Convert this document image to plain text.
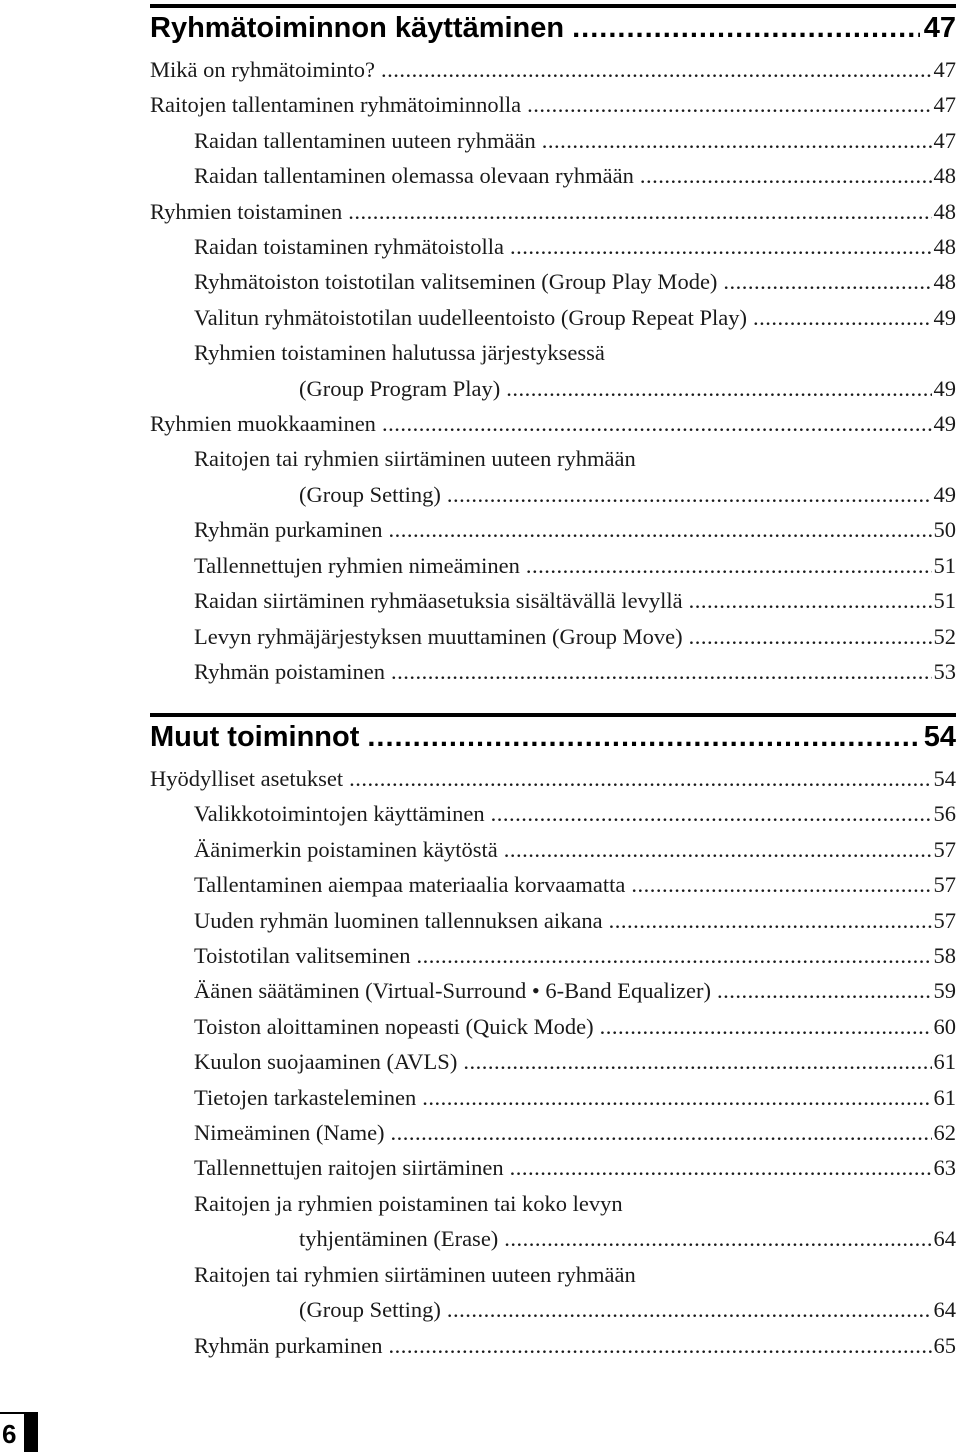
Ryhmätoiminnon käyttäminen .....	47
Mikä on ryhmätoiminto? .....	47
Raitojen tallentaminen ryhmätoiminnolla .....	47
Raidan tallentaminen uuteen ryhmään .....	47
Raidan tallentaminen olemassa olevaan ryhmään .....	48
Ryhmien toistaminen .....	48
Raidan toistaminen ryhmätoistolla .....	48
Ryhmätoiston toistotilan valitseminen (Group Play Mode) .....	48
Valitun ryhmätoistotilan uudelleentoisto (Group Repeat Play) .....	49
Ryhmien toistaminen halutussa järjestyksessä
(Group Program Play) .....	49
Ryhmien muokkaaminen .....	49
Raitojen tai ryhmien siirtäminen uuteen ryhmään
(Group Setting) .....	49
Ryhmän purkaminen .....	50
Tallennettujen ryhmien nimeäminen .....	51
Raidan siirtäminen ryhmäasetuksia sisältävällä levyllä .....	51
Levyn ryhmäjärjestyksen muuttaminen (Group Move) .....	52
Ryhmän poistaminen .....	53
Muut toiminnot .....	54
Hyödylliset asetukset .....	54
Valikkotoimintojen käyttäminen .....	56
Äänimerkin poistaminen käytöstä .....	57
Tallentaminen aiempaa materiaalia korvaamatta .....	57
Uuden ryhmän luominen tallennuksen aikana .....	57
Toistotilan valitseminen .....	58
Äänen säätäminen (Virtual-Surround • 6-Band Equalizer) .....	59
Toiston aloittaminen nopeasti (Quick Mode) .....	60
Kuulon suojaaminen (AVLS) .....	61
Tietojen tarkasteleminen .....	61
Nimeäminen (Name) .....	62
Tallennettujen raitojen siirtäminen .....	63
Raitojen ja ryhmien poistaminen tai koko levyn
tyhjentäminen (Erase) .....	64
Raitojen tai ryhmien siirtäminen uuteen ryhmään
(Group Setting) .....	64
Ryhmän purkaminen .....	65
6
